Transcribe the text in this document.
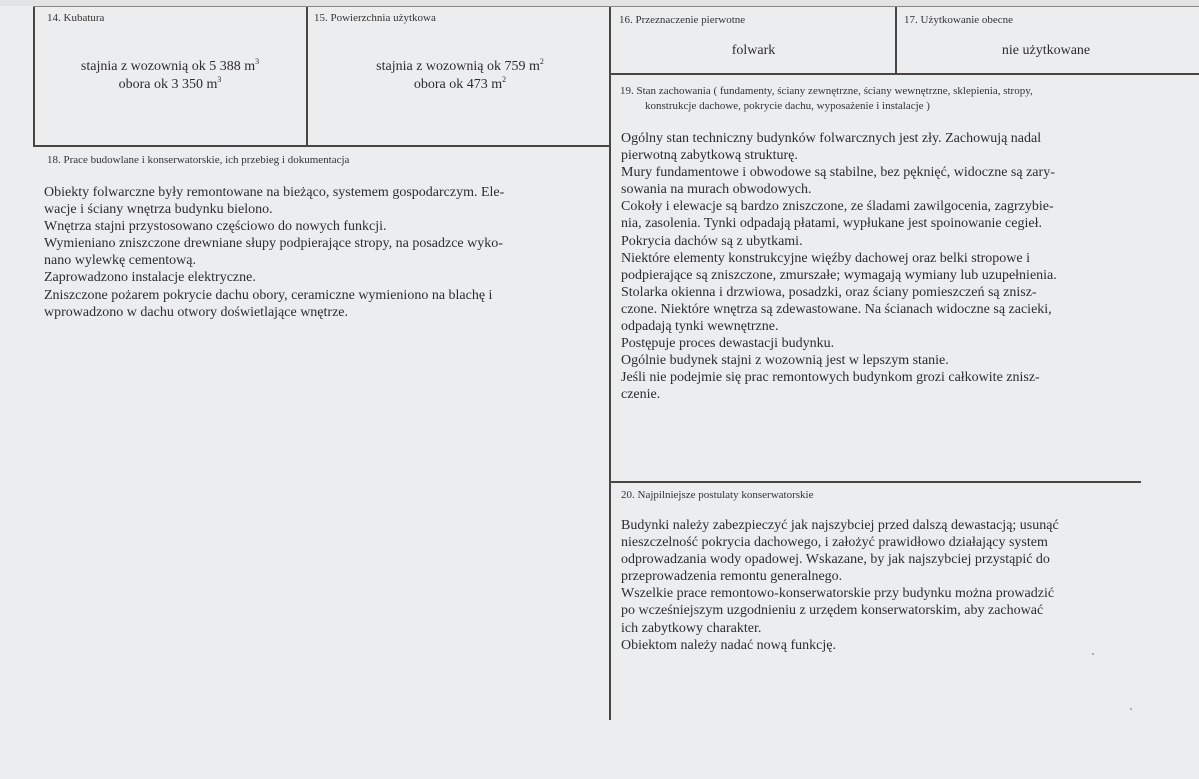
14. Kubatura
stajnia z wozownią ok 5 388 $m^3$
obora ok 3 350 $m^3$
15. Powierzchnia użytkowa
stajnia z wozownią ok 759 $m^2$
obora ok 473 $m^2$
16. Przeznaczenie pierwotne
folwark
17. Użytkowanie obecne
nie użytkowane
18. Prace budowlane i konserwatorskie, ich przebieg i dokumentacja
Obiekty folwarczne były remontowane na bieżąco, systemem gospodarczym. Ele-
wacje i ściany wnętrza budynku bielono.
Wnętrza stajni przystosowano częściowo do nowych funkcji.
Wymieniano zniszczone drewniane słupy podpierające stropy, na posadzce wyko-
nano wylewkę cementową.
Zaprowadzono instalacje elektryczne.
Zniszczone pożarem pokrycie dachu obory, ceramiczne wymieniono na blachę i
wprowadzono w dachu otwory doświetlające wnętrze.
19. Stan zachowania ( fundamenty, ściany zewnętrzne, ściany wewnętrzne, sklepienia, stropy,
konstrukcje dachowe, pokrycie dachu, wyposażenie i instalacje )
Ogólny stan techniczny budynków folwarcznych jest zły. Zachowują nadal
pierwotną zabytkową strukturę.
Mury fundamentowe i obwodowe są stabilne, bez pęknięć, widoczne są zary-
sowania na murach obwodowych.
Cokoły i elewacje są bardzo zniszczone, ze śladami zawilgocenia, zagrzybie-
nia, zasolenia. Tynki odpadają płatami, wypłukane jest spoinowanie cegieł.
Pokrycia dachów są z ubytkami.
Niektóre elementy konstrukcyjne więźby dachowej oraz belki stropowe i
podpierające są zniszczone, zmurszałe; wymagają wymiany lub uzupełnienia.
Stolarka okienna i drzwiowa, posadzki, oraz ściany pomieszczeń są znisz-
czone. Niektóre wnętrza są zdewastowane. Na ścianach widoczne są zacieki,
odpadają tynki wewnętrzne.
Postępuje proces dewastacji budynku.
Ogólnie budynek stajni z wozownią jest w lepszym stanie.
Jeśli nie podejmie się prac remontowych budynkom grozi całkowite znisz-
czenie.
20. Najpilniejsze postulaty konserwatorskie
Budynki należy zabezpieczyć jak najszybciej przed dalszą dewastacją; usunąć
nieszczelność pokrycia dachowego, i założyć prawidłowo działający system
odprowadzania wody opadowej. Wskazane, by jak najszybciej przystąpić do
przeprowadzenia remontu generalnego.
Wszelkie prace remontowo-konserwatorskie przy budynku można prowadzić
po wcześniejszym uzgodnieniu z urzędem konserwatorskim, aby zachować
ich zabytkowy charakter.
Obiektom należy nadać nową funkcję.
